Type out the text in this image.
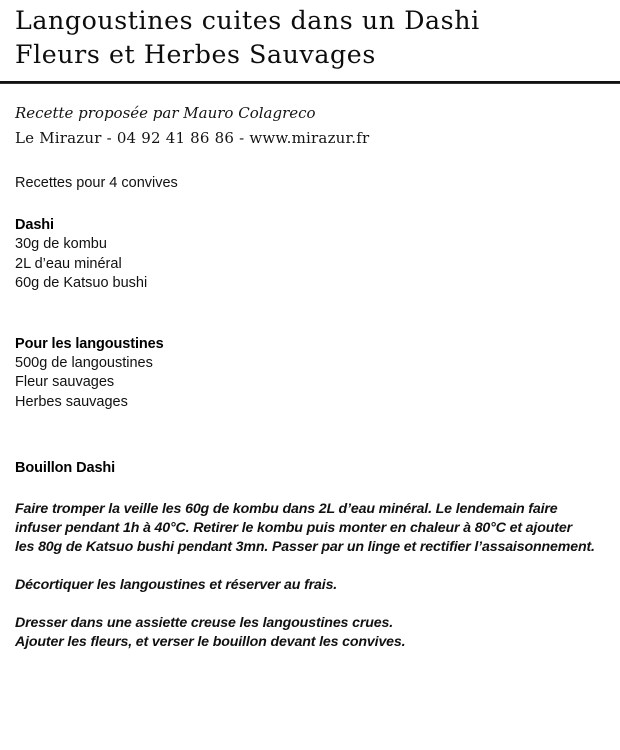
Langoustines cuites dans un Dashi
Fleurs et Herbes Sauvages
Recette proposée par Mauro Colagreco
Le Mirazur - 04 92 41 86 86 - www.mirazur.fr
Recettes pour 4 convives
Dashi
30g de kombu
2L d’eau minéral
60g de Katsuo bushi
Pour les langoustines
500g de langoustines
Fleur sauvages
Herbes sauvages
Bouillon Dashi
Faire tromper la veille les 60g de kombu dans 2L d’eau minéral. Le lendemain faire
infuser pendant 1h à 40°C. Retirer le kombu puis monter en chaleur à 80°C et ajouter
les 80g de Katsuo bushi pendant 3mn. Passer par un linge et rectifier l’assaisonnement.
Décortiquer les langoustines et réserver au frais.
Dresser dans une assiette creuse les langoustines crues.
Ajouter les fleurs, et verser le bouillon devant les convives.
